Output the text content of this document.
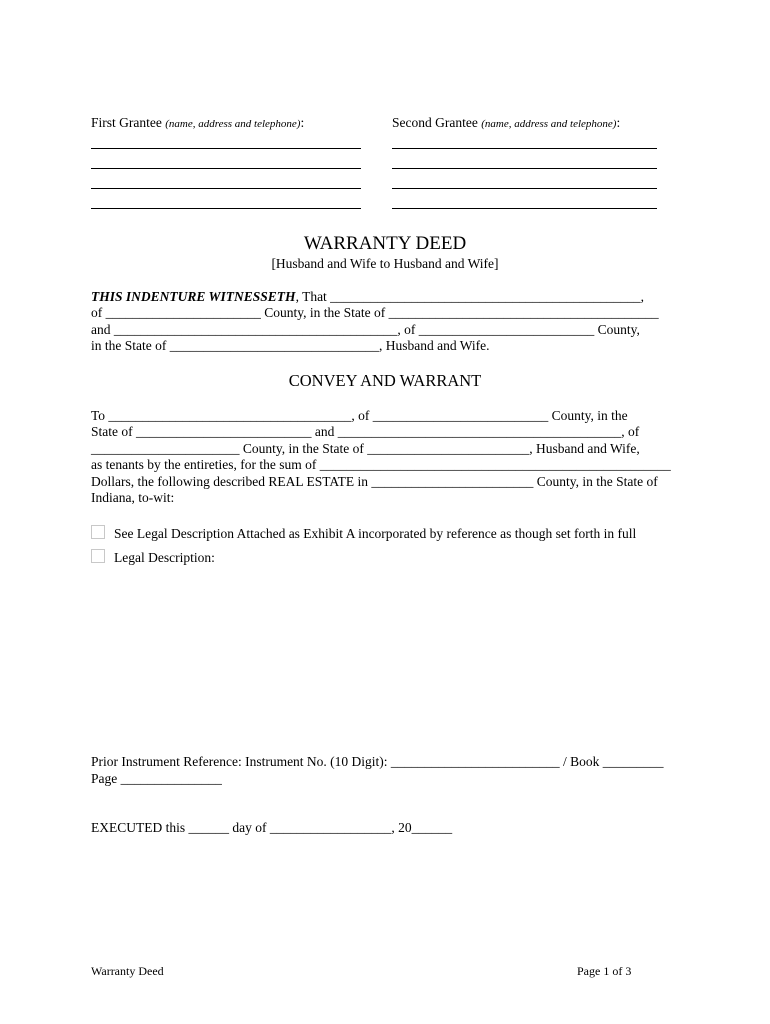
First Grantee (name, address and telephone):	Second Grantee (name, address and telephone):
WARRANTY DEED
[Husband and Wife to Husband and Wife]
THIS INDENTURE WITNESSETH, That ______________________________________________,
of _______________________ County, in the State of ________________________________________
and __________________________________________, of __________________________ County,
in the State of _______________________________, Husband and Wife.
CONVEY AND WARRANT
To ____________________________________, of __________________________ County, in the
State of __________________________ and __________________________________________, of
______________________ County, in the State of ________________________, Husband and Wife,
as tenants by the entireties, for the sum of ____________________________________________________
Dollars, the following described REAL ESTATE in ________________________ County, in the State of
Indiana, to-wit:
See Legal Description Attached as Exhibit A incorporated by reference as though set forth in full
Legal Description:
Prior Instrument Reference: Instrument No. (10 Digit): _________________________ / Book _________
Page _______________
EXECUTED this ______ day of __________________, 20______
Warranty Deed	Page 1 of 3
